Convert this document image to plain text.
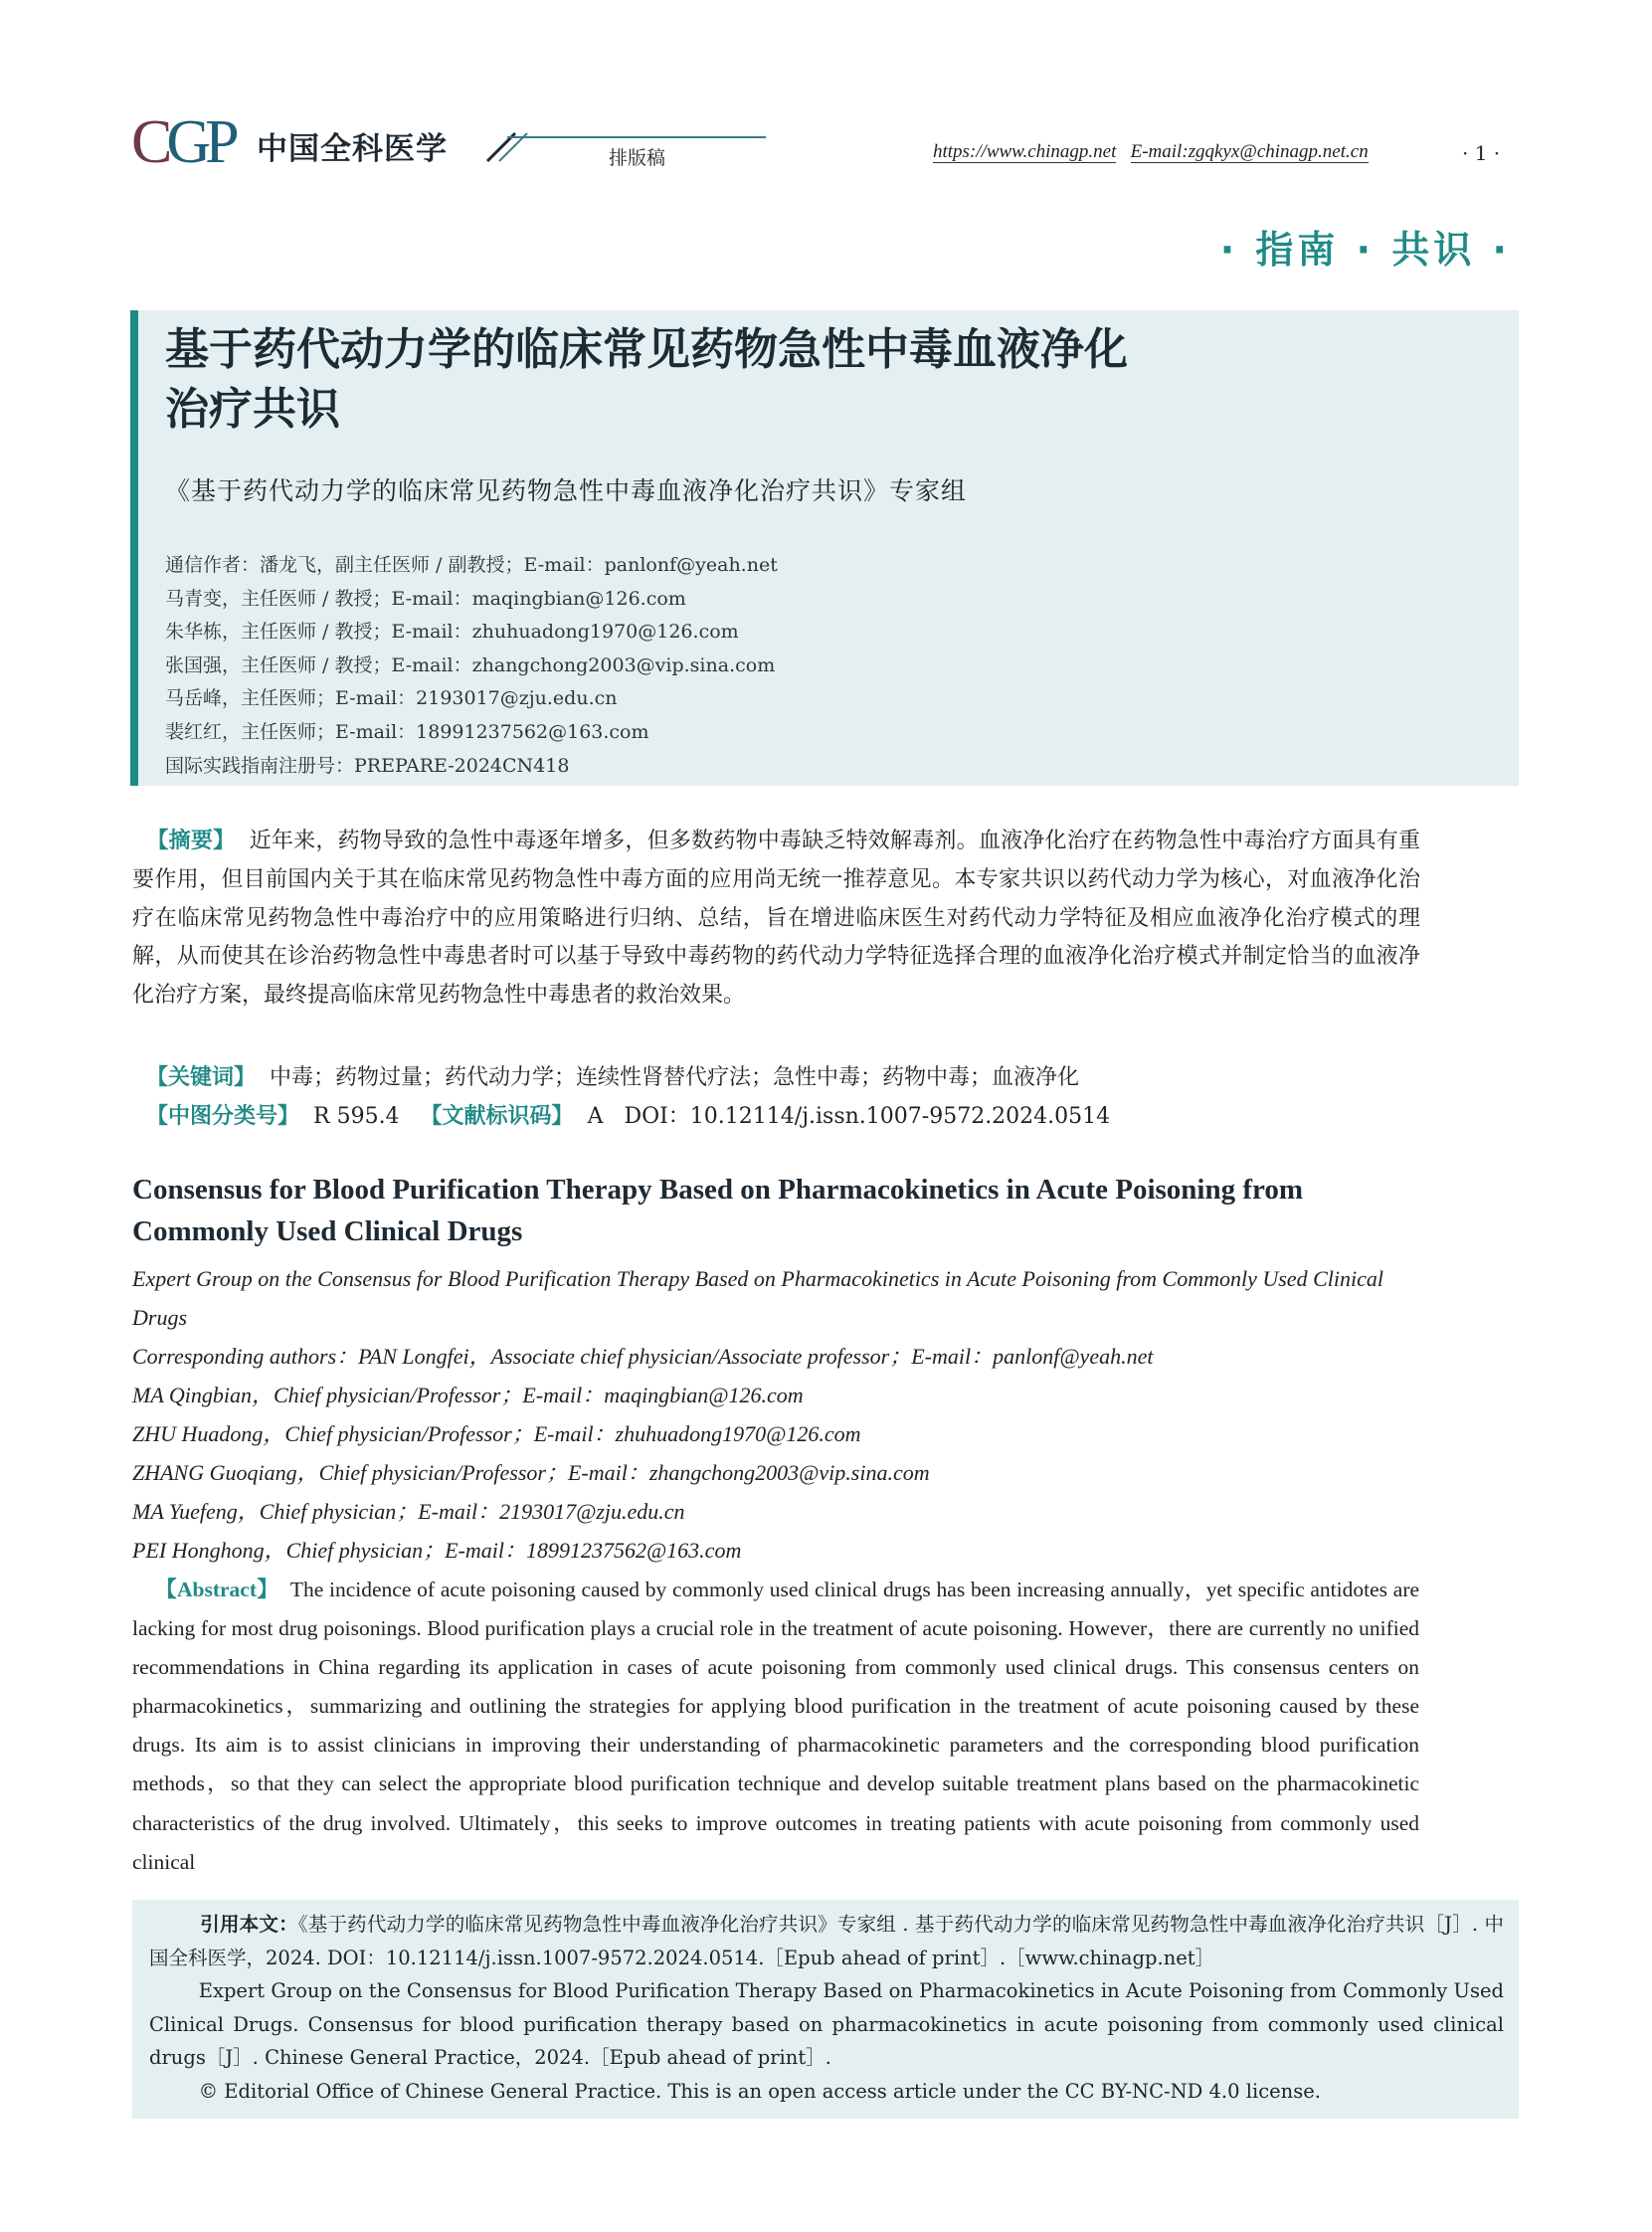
CGP 中国全科医学	排版稿	https://www.chinagp.net E-mail:zgqkyx@chinagp.net.cn	· 1 ·
· 指南 · 共识 ·
基于药代动力学的临床常见药物急性中毒血液净化
治疗共识
《基于药代动力学的临床常见药物急性中毒血液净化治疗共识》专家组
通信作者：潘龙飞，副主任医师 / 副教授；E-mail：panlonf@yeah.net
马青变，主任医师 / 教授；E-mail：maqingbian@126.com
朱华栋，主任医师 / 教授；E-mail：zhuhuadong1970@126.com
张国强，主任医师 / 教授；E-mail：zhangchong2003@vip.sina.com
马岳峰，主任医师；E-mail：2193017@zju.edu.cn
裴红红，主任医师；E-mail：18991237562@163.com
国际实践指南注册号：PREPARE-2024CN418
【摘要】 近年来，药物导致的急性中毒逐年增多，但多数药物中毒缺乏特效解毒剂。血液净化治疗在药物急性中毒治疗方面具有重要作用，但目前国内关于其在临床常见药物急性中毒方面的应用尚无统一推荐意见。本专家共识以药代动力学为核心，对血液净化治疗在临床常见药物急性中毒治疗中的应用策略进行归纳、总结，旨在增进临床医生对药代动力学特征及相应血液净化治疗模式的理解，从而使其在诊治药物急性中毒患者时可以基于导致中毒药物的药代动力学特征选择合理的血液净化治疗模式并制定恰当的血液净化治疗方案，最终提高临床常见药物急性中毒患者的救治效果。
【关键词】 中毒；药物过量；药代动力学；连续性肾替代疗法；急性中毒；药物中毒；血液净化
【中图分类号】 R 595.4 【文献标识码】 A DOI：10.12114/j.issn.1007-9572.2024.0514
Consensus for Blood Purification Therapy Based on Pharmacokinetics in Acute Poisoning from Commonly Used Clinical Drugs
Expert Group on the Consensus for Blood Purification Therapy Based on Pharmacokinetics in Acute Poisoning from Commonly Used Clinical Drugs
Corresponding authors：PAN Longfei，Associate chief physician/Associate professor；E-mail：panlonf@yeah.net
MA Qingbian，Chief physician/Professor；E-mail：maqingbian@126.com
ZHU Huadong，Chief physician/Professor；E-mail：zhuhuadong1970@126.com
ZHANG Guoqiang，Chief physician/Professor；E-mail：zhangchong2003@vip.sina.com
MA Yuefeng，Chief physician；E-mail：2193017@zju.edu.cn
PEI Honghong，Chief physician；E-mail：18991237562@163.com
【Abstract】 The incidence of acute poisoning caused by commonly used clinical drugs has been increasing annually，yet specific antidotes are lacking for most drug poisonings. Blood purification plays a crucial role in the treatment of acute poisoning. However，there are currently no unified recommendations in China regarding its application in cases of acute poisoning from commonly used clinical drugs. This consensus centers on pharmacokinetics，summarizing and outlining the strategies for applying blood purification in the treatment of acute poisoning caused by these drugs. Its aim is to assist clinicians in improving their understanding of pharmacokinetic parameters and the corresponding blood purification methods，so that they can select the appropriate blood purification technique and develop suitable treatment plans based on the pharmacokinetic characteristics of the drug involved. Ultimately，this seeks to improve outcomes in treating patients with acute poisoning from commonly used clinical

引用本文：《基于药代动力学的临床常见药物急性中毒血液净化治疗共识》专家组 . 基于药代动力学的临床常见药物急性中毒血液净化治疗共识［J］. 中国全科医学，2024. DOI：10.12114/j.issn.1007-9572.2024.0514.［Epub ahead of print］.［www.chinagp.net］

Expert Group on the Consensus for Blood Purification Therapy Based on Pharmacokinetics in Acute Poisoning from Commonly Used Clinical Drugs. Consensus for blood purification therapy based on pharmacokinetics in acute poisoning from commonly used clinical drugs［J］. Chinese General Practice，2024.［Epub ahead of print］.

© Editorial Office of Chinese General Practice. This is an open access article under the CC BY-NC-ND 4.0 license.
